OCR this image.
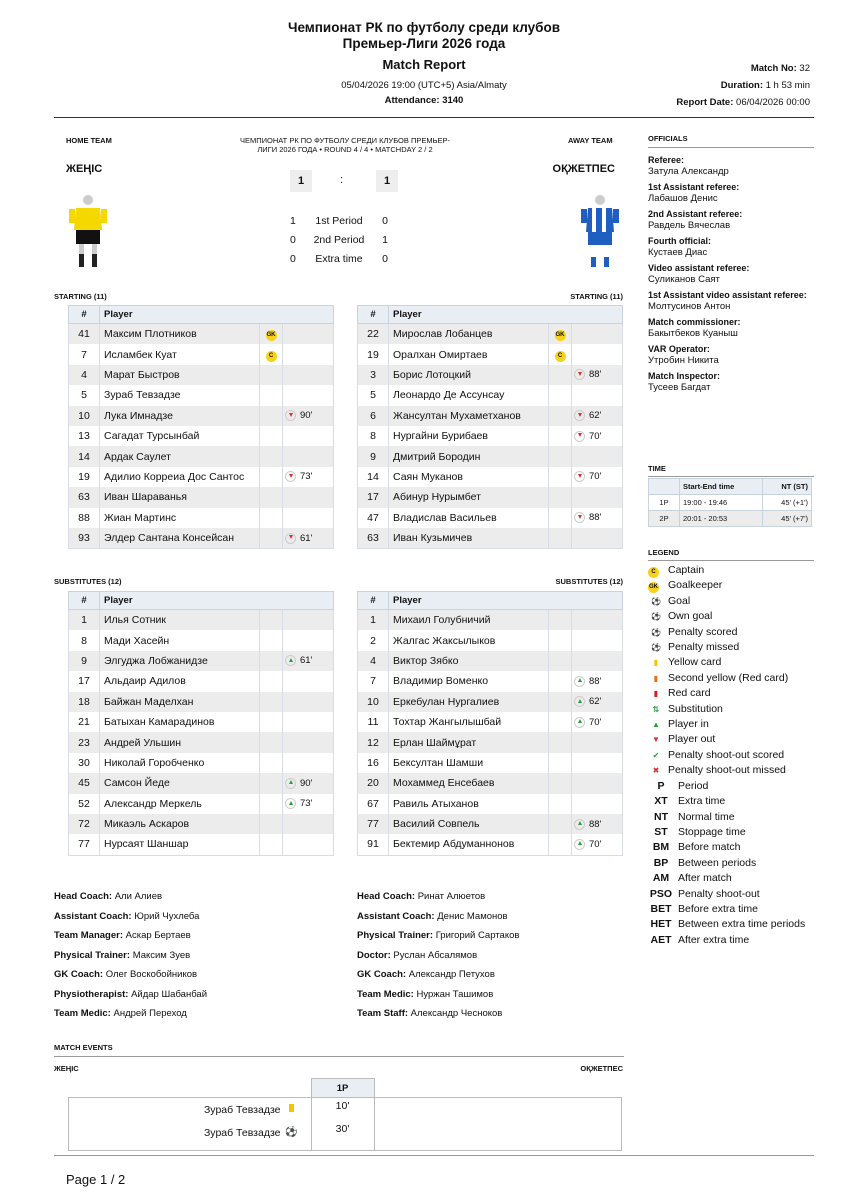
Чемпионат РК по футболу среди клубов
Премьер-Лиги 2026 года
Match Report
05/04/2026 19:00 (UTC+5) Asia/Almaty
Attendance: 3140
Match No: 32
Duration: 1 h 53 min
Report Date: 06/04/2026 00:00
HOME TEAM	AWAY TEAM
ЧЕМПИОНАТ РК ПО ФУТБОЛУ СРЕДИ КЛУБОВ ПРЕМЬЕР-
ЛИГИ 2026 ГОДА • ROUND 4 / 4 • MATCHDAY 2 / 2
ЖЕҢІС	ОҚЖЕТПЕС
1	:	1
1	1st Period	0
0	2nd Period	1
0	Extra time	0
STARTING (11)	STARTING (11)
#	Player		
41	Максим Плотников	GK	
7	Исламбек Куат	C	
4	Марат Быстров		
5	Зураб Тевзадзе		
10	Лука Имнадзе		90'
13	Сагадат Турсынбай		
14	Ардак Саулет		
19	Адилио Корреиа Дос Сантос		73'
63	Иван Шараванья		
88	Жиан Мартинс		
93	Элдер Сантана Консейсан		61'
#	Player		
22	Мирослав Лобанцев	GK	
19	Оралхан Омиртаев	C	
3	Борис Лотоцкий		88'
5	Леонардо Де Ассунсау		
6	Жансултан Мухаметханов		62'
8	Нургайни Бурибаев		70'
9	Дмитрий Бородин		
14	Саян Муканов		70'
17	Абинур Нурымбет		
47	Владислав Васильев		88'
63	Иван Кузьмичев		
SUBSTITUTES (12)	SUBSTITUTES (12)
#	Player		
1	Илья Сотник		
8	Мади Хасейн		
9	Элгуджа Лобжанидзе		61'
17	Альдаир Адилов		
18	Байжан Маделхан		
21	Батыхан Камарадинов		
23	Андрей Ульшин		
30	Николай Горобченко		
45	Самсон Йеде		90'
52	Александр Меркель		73'
72	Микаэль Аскаров		
77	Нурсаят Шаншар		
#	Player		
1	Михаил Голубничий		
2	Жалгас Жаксылыков		
4	Виктор Зябко		
7	Владимир Воменко		88'
10	Еркебулан Нургалиев		62'
11	Тохтар Жангылышбай		70'
12	Ерлан Шаймұрат		
16	Бексултан Шамши		
20	Мохаммед Енсебаев		
67	Равиль Атыханов		
77	Василий Совпель		88'
91	Бектемир Абдуманнонов		70'
Head Coach: Али Алиев
Assistant Coach: Юрий Чухлеба
Team Manager: Аскар Бертаев
Physical Trainer: Максим Зуев
GK Coach: Олег Воскобойников
Physiotherapist: Айдар Шабанбай
Team Medic: Андрей Переход
Head Coach: Ринат Алюетов
Assistant Coach: Денис Мамонов
Physical Trainer: Григорий Сартаков
Doctor: Руслан Абсалямов
GK Coach: Александр Петухов
Team Medic: Нуржан Ташимов
Team Staff: Александр Чесноков
MATCH EVENTS
ЖЕҢІС	ОҚЖЕТПЕС
	1P	
Зураб Тевзадзе	10'	
Зураб Тевзадзе ⚽	30'	

OFFICIALS
Referee:
Затула Александр
1st Assistant referee:
Лабашов Денис
2nd Assistant referee:
Равдель Вячеслав
Fourth official:
Кустаев Диас
Video assistant referee:
Суликанов Саят
1st Assistant video assistant referee:
Молтусинов Антон
Match commissioner:
Бакытбеков Куаныш
VAR Operator:
Утробин Никита
Match Inspector:
Тусеев Багдат
TIME
	Start-End time	NT (ST)
1P	19:00 - 19:46	45' (+1')
2P	20:01 - 20:53	45' (+7')
LEGEND
C Captain
GK Goalkeeper
⚽ Goal
⚽ Own goal
⚽ Penalty scored
⚽ Penalty missed
▮ Yellow card
▮ Second yellow (Red card)
▮ Red card
⇅ Substitution
▲ Player in
▼ Player out
✔ Penalty shoot-out scored
✖ Penalty shoot-out missed
P Period
XT Extra time
NT Normal time
ST Stoppage time
BM Before match
BP Between periods
AM After match
PSO Penalty shoot-out
BET Before extra time
HET Between extra time periods
AET After extra time
Page 1 / 2
